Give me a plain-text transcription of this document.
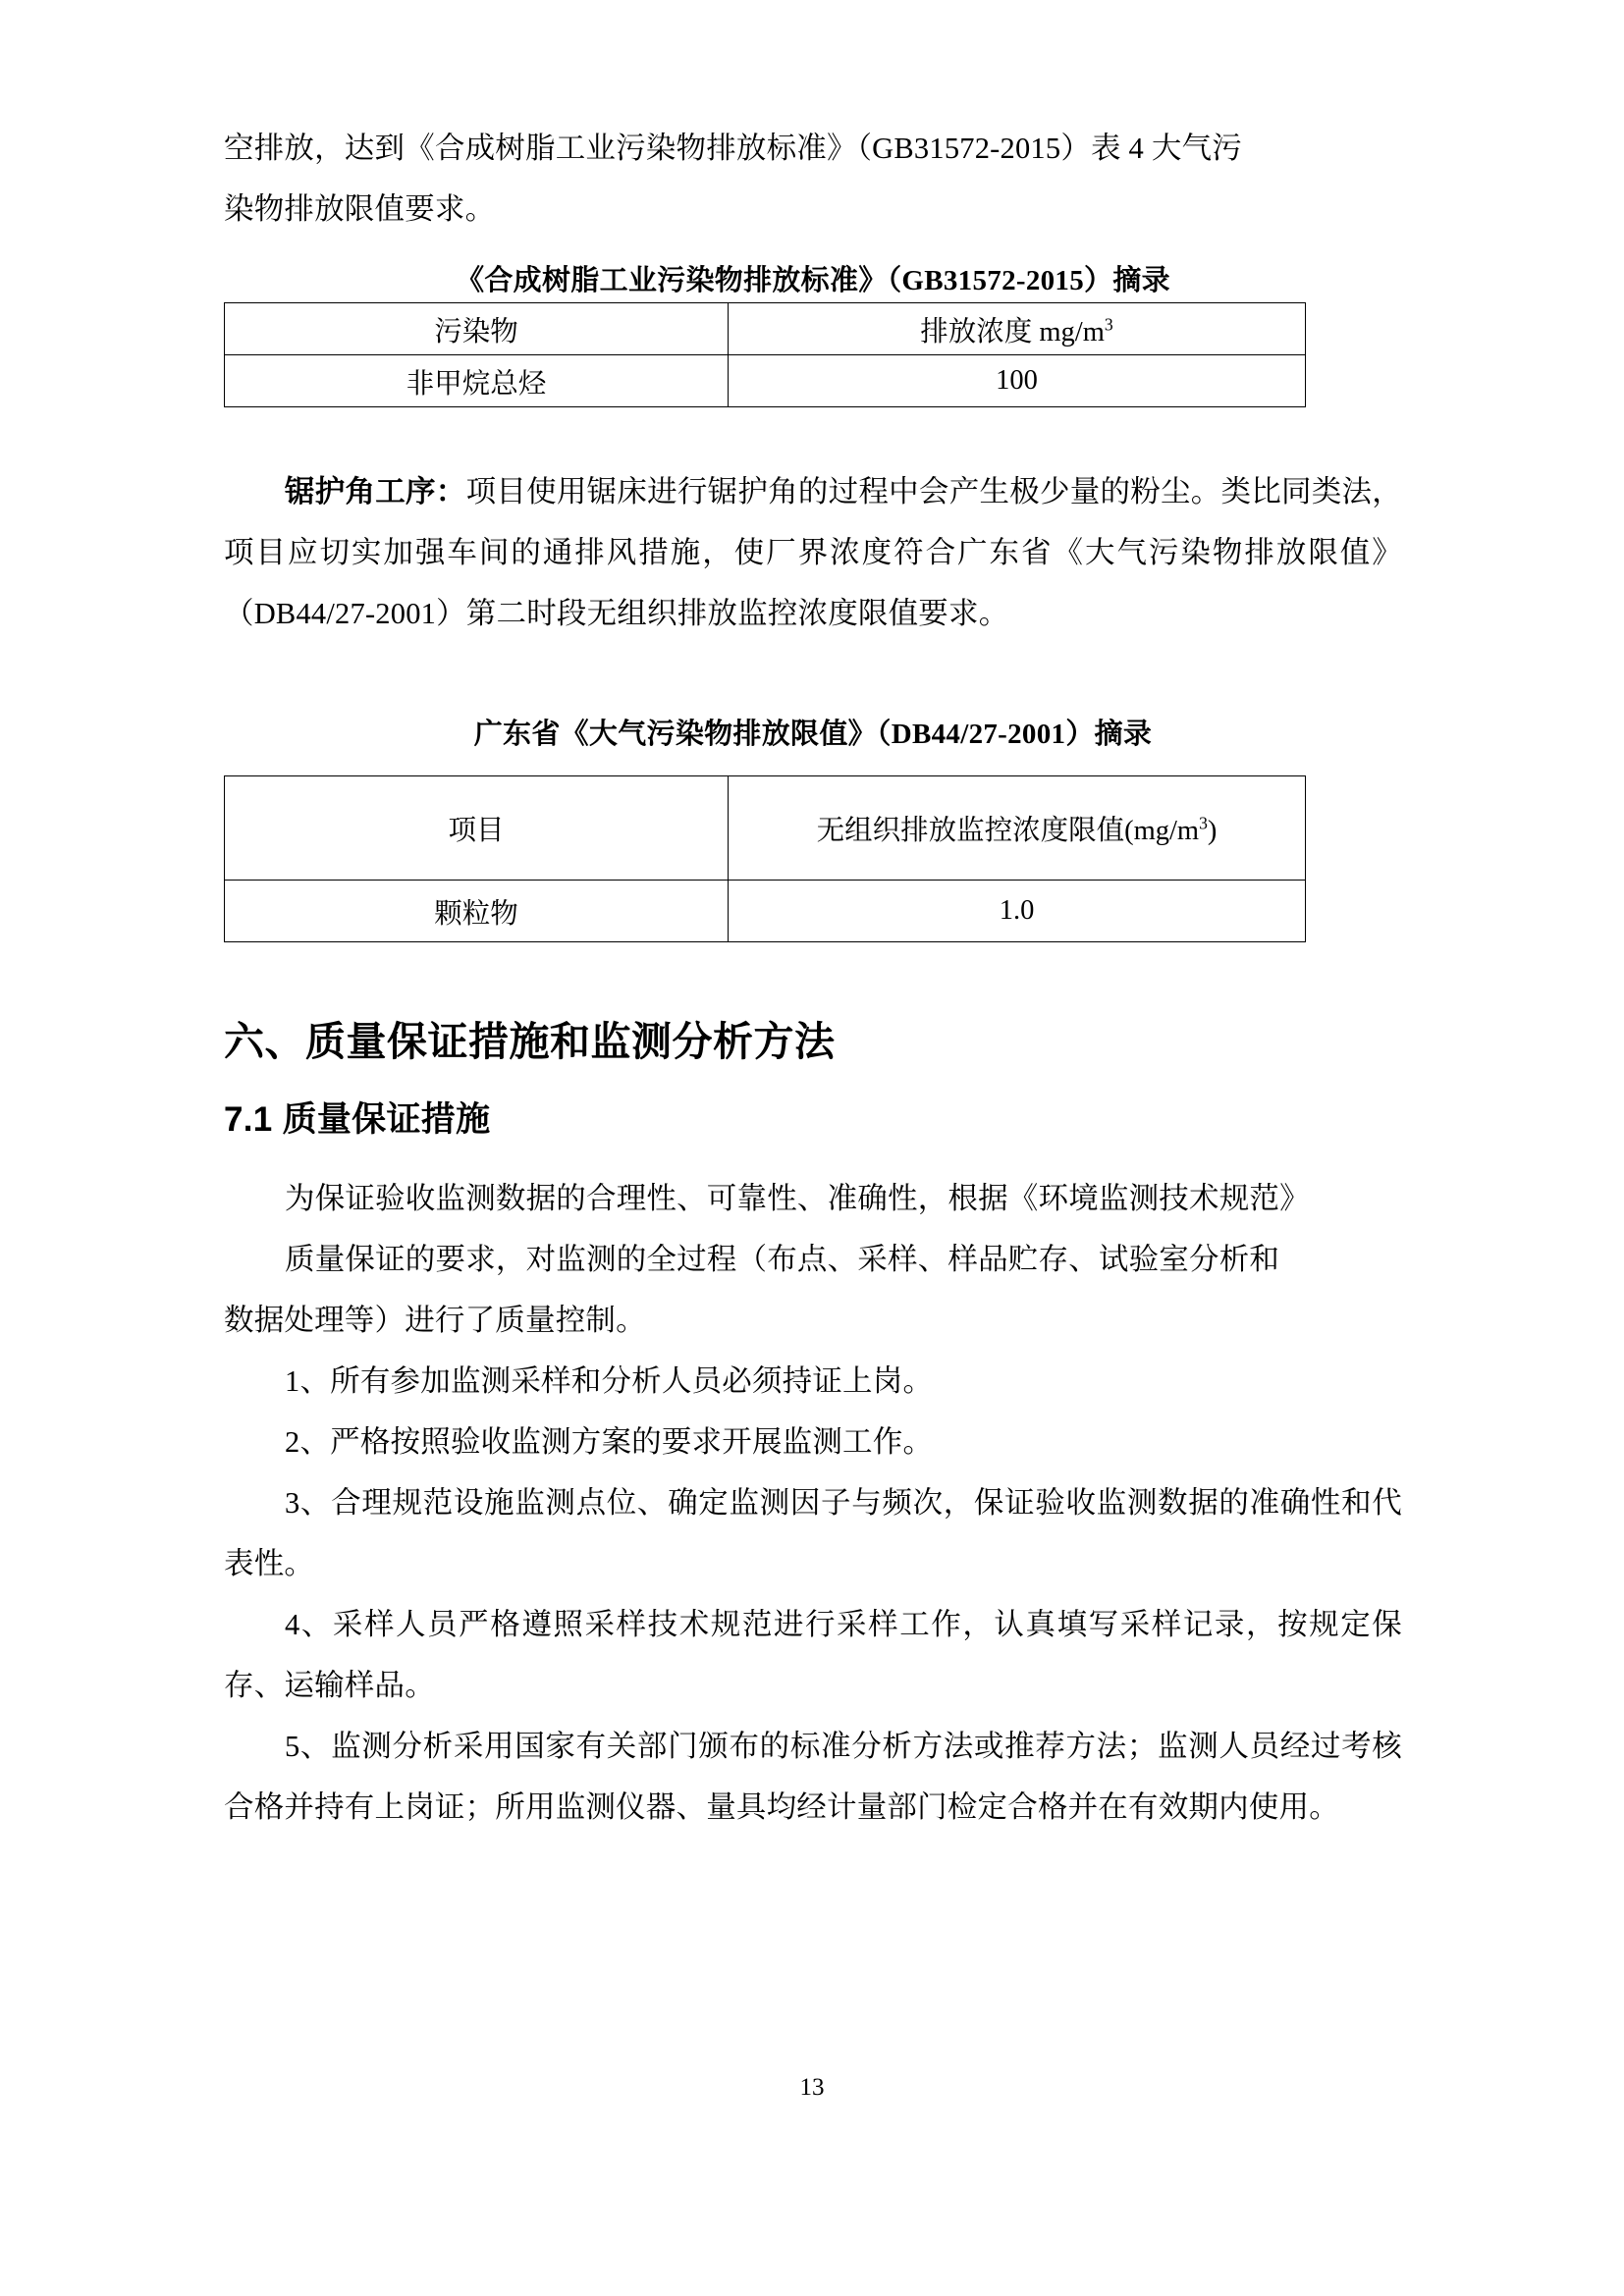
空排放，达到《合成树脂工业污染物排放标准》（GB31572-2015）表 4 大气污

染物排放限值要求。

《合成树脂工业污染物排放标准》（GB31572-2015）摘录

污染物	排放浓度 $mg/m^3$
非甲烷总烃	100

锯护角工序：项目使用锯床进行锯护角的过程中会产生极少量的粉尘。类比同类法，项目应切实加强车间的通排风措施，使厂界浓度符合广东省《大气污染物排放限值》（DB44/27-2001）第二时段无组织排放监控浓度限值要求。

广东省《大气污染物排放限值》（DB44/27-2001）摘录

项目	无组织排放监控浓度限值$(mg/m^3)$
颗粒物	1.0
六、质量保证措施和监测分析方法
7.1 质量保证措施

为保证验收监测数据的合理性、可靠性、准确性，根据《环境监测技术规范》

质量保证的要求，对监测的全过程（布点、采样、样品贮存、试验室分析和

数据处理等）进行了质量控制。

1、所有参加监测采样和分析人员必须持证上岗。

2、严格按照验收监测方案的要求开展监测工作。

3、合理规范设施监测点位、确定监测因子与频次，保证验收监测数据的准确性和代表性。

4、采样人员严格遵照采样技术规范进行采样工作，认真填写采样记录，按规定保存、运输样品。

5、监测分析采用国家有关部门颁布的标准分析方法或推荐方法；监测人员经过考核合格并持有上岗证；所用监测仪器、量具均经计量部门检定合格并在有效期内使用。

13
